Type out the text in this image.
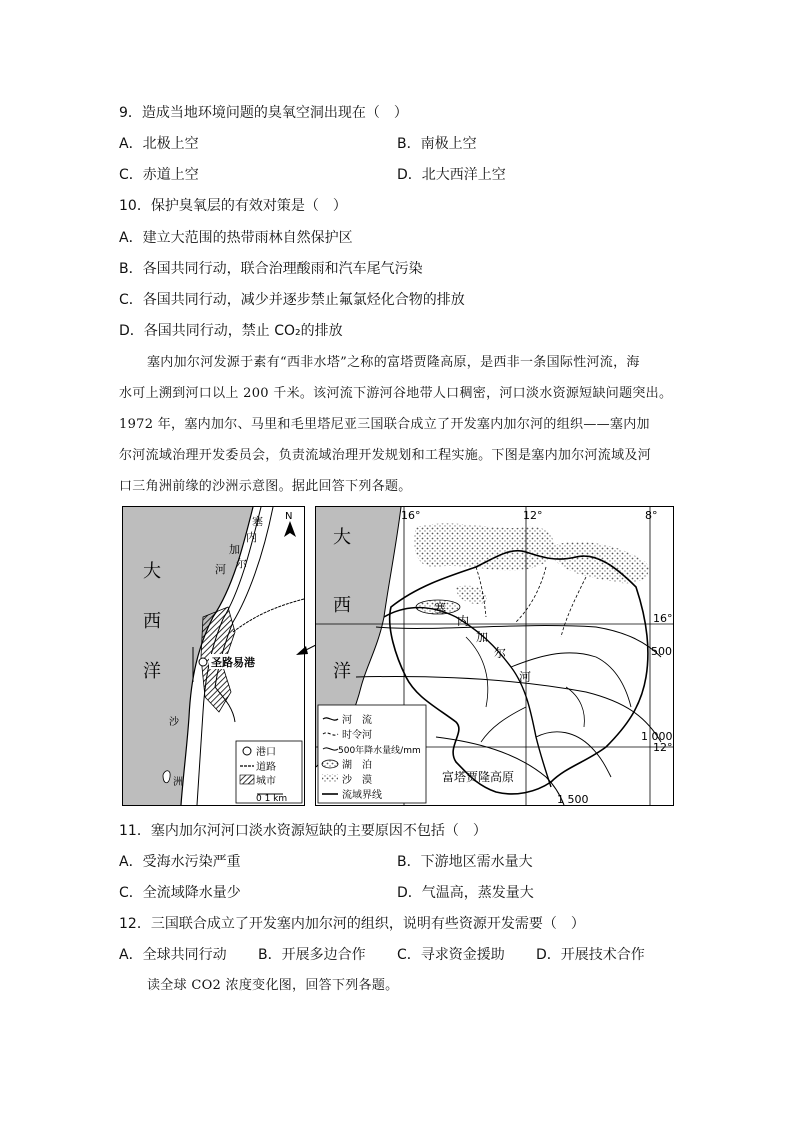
9．造成当地环境问题的臭氧空洞出现在（　）
A．北极上空	B．南极上空
C．赤道上空	D．北大西洋上空
10．保护臭氧层的有效对策是（　）
A．建立大范围的热带雨林自然保护区
B．各国共同行动，联合治理酸雨和汽车尾气污染
C．各国共同行动，减少并逐步禁止氟氯烃化合物的排放
D．各国共同行动，禁止 CO₂的排放
塞内加尔河发源于素有“西非水塔”之称的富塔贾隆高原，是西非一条国际性河流，海
水可上溯到河口以上 200 千米。该河流下游河谷地带人口稠密，河口淡水资源短缺问题突出。
1972 年，塞内加尔、马里和毛里塔尼亚三国联合成立了开发塞内加尔河的组织——塞内加
尔河流域治理开发委员会，负责流域治理开发规划和工程实施。下图是塞内加尔河流域及河
口三角洲前缘的沙洲示意图。据此回答下列各题。
大
西
洋
塞
内
加
尔
河
N
圣路易港
沙
洲
港口
道路
城市
0 1 km
大
西
洋
塞
内
加
尔
河
16°	12°	8°
16°
12°
500
1 000
1 500
富塔贾隆高原
河　流
时令河
500年降水量线/mm
湖　泊
沙　漠
流域界线
11．塞内加尔河河口淡水资源短缺的主要原因不包括（　）
A．受海水污染严重	B．下游地区需水量大
C．全流域降水量少	D．气温高，蒸发量大
12．三国联合成立了开发塞内加尔河的组织，说明有些资源开发需要（　）
A．全球共同行动 B．开展多边合作 C．寻求资金援助 D．开展技术合作
读全球 CO2 浓度变化图，回答下列各题。
